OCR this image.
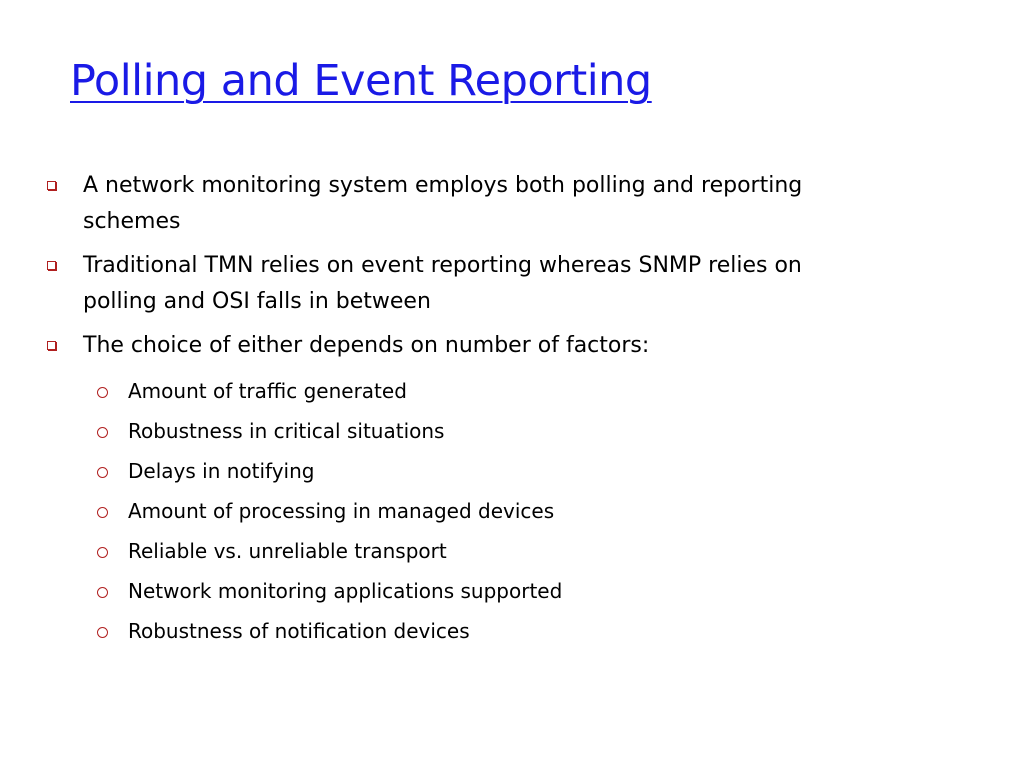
Polling and Event Reporting
A network monitoring system employs both polling and reporting schemes
Traditional TMN relies on event reporting whereas SNMP relies on polling and OSI falls in between
The choice of either depends on number of factors:
Amount of traffic generated
Robustness in critical situations
Delays in notifying
Amount of processing in managed devices
Reliable vs. unreliable transport
Network monitoring applications supported
Robustness of notification devices
